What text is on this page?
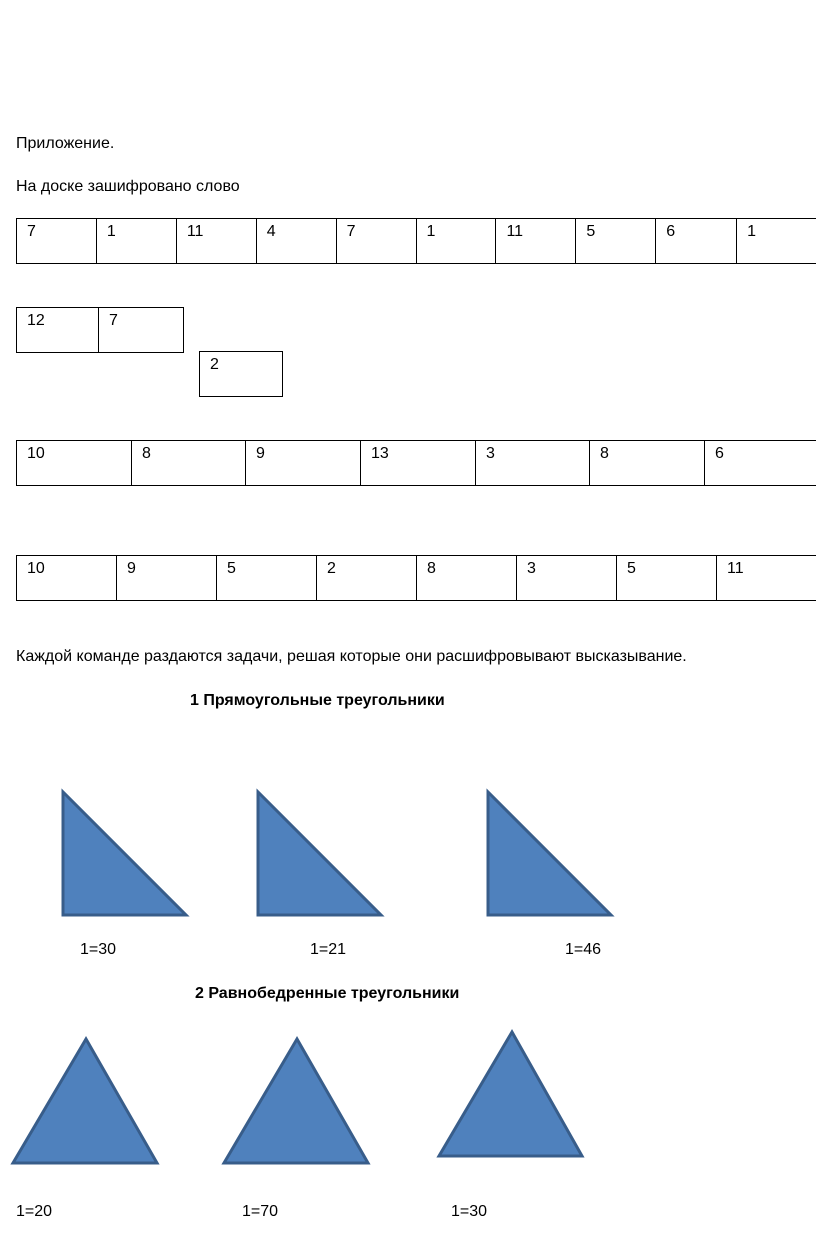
Приложение.
На доске зашифровано слово
7	1	11	4	7	1	11	5	6	1
12	7
2
10	8	9	13	3	8	6
10	9	5	2	8	3	5	11
Каждой команде раздаются задачи, решая которые они расшифровывают высказывание.
1 Прямоугольные треугольники
1=30	1=21	1=46
2 Равнобедренные треугольники
1=20	1=70	1=30
